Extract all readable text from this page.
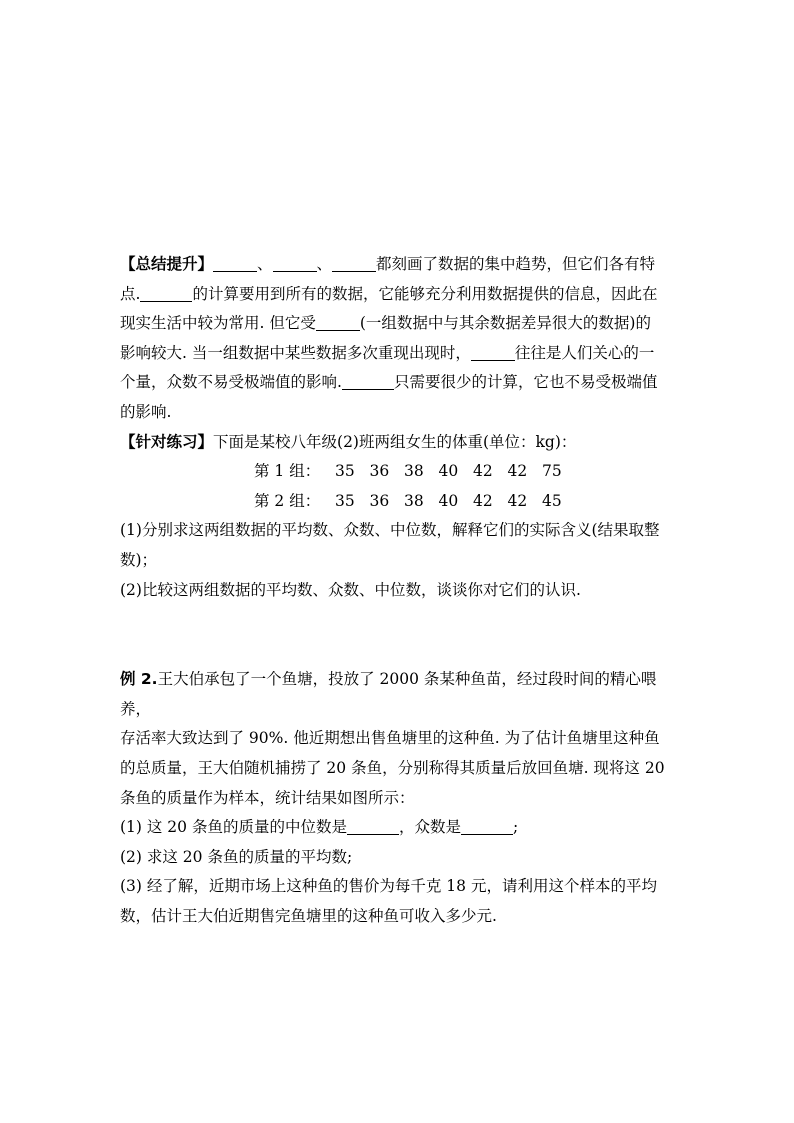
【总结提升】	、	、	都刻画了数据的集中趋势，但它们各有特

点.	的计算要用到所有的数据，它能够充分利用数据提供的信息，因此在

现实生活中较为常用. 但它受	(一组数据中与其余数据差异很大的数据)的

影响较大. 当一组数据中某些数据多次重现出现时，	往往是人们关心的一

个量，众数不易受极端值的影响.	只需要很少的计算，它也不易受极端值

的影响.

【针对练习】下面是某校八年级(2)班两组女生的体重(单位：kg)：

第 1 组：   35   36   38   40   42   42   75

第 2 组：   35   36   38   40   42   42   45

(1)分别求这两组数据的平均数、众数、中位数，解释它们的实际含义(结果取整

数)；

(2)比较这两组数据的平均数、众数、中位数，谈谈你对它们的认识.

例 2.王大伯承包了一个鱼塘，投放了 2000 条某种鱼苗，经过段时间的精心喂养，

存活率大致达到了 90%. 他近期想出售鱼塘里的这种鱼. 为了估计鱼塘里这种鱼

的总质量，王大伯随机捕捞了 20 条鱼，分别称得其质量后放回鱼塘. 现将这 20

条鱼的质量作为样本，统计结果如图所示：

(1) 这 20 条鱼的质量的中位数是	，众数是	;

(2) 求这 20 条鱼的质量的平均数;

(3) 经了解，近期市场上这种鱼的售价为每千克 18 元，请利用这个样本的平均

数，估计王大伯近期售完鱼塘里的这种鱼可收入多少元.
